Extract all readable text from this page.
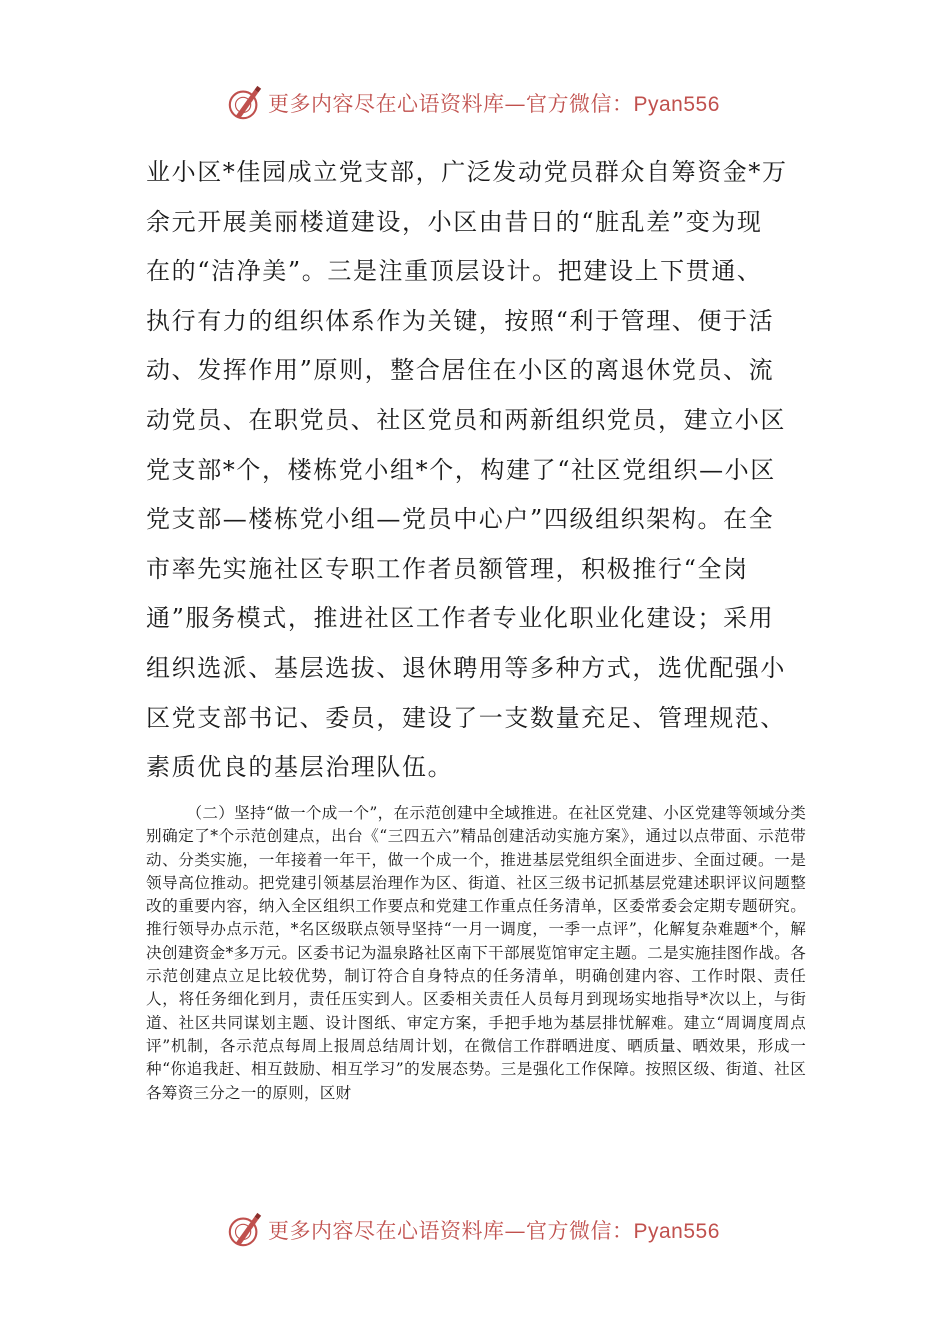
更多内容尽在心语资料库—官方微信：Pyan556

业小区*佳园成立党支部，广泛发动党员群众自筹资金*万

余元开展美丽楼道建设，小区由昔日的“脏乱差”变为现

在的“洁净美”。三是注重顶层设计。把建设上下贯通、

执行有力的组织体系作为关键，按照“利于管理、便于活

动、发挥作用”原则，整合居住在小区的离退休党员、流

动党员、在职党员、社区党员和两新组织党员，建立小区

党支部*个，楼栋党小组*个，构建了“社区党组织—小区

党支部—楼栋党小组—党员中心户”四级组织架构。在全

市率先实施社区专职工作者员额管理，积极推行“全岗

通”服务模式，推进社区工作者专业化职业化建设；采用

组织选派、基层选拔、退休聘用等多种方式，选优配强小

区党支部书记、委员，建设了一支数量充足、管理规范、

素质优良的基层治理队伍。

（二）坚持“做一个成一个”，在示范创建中全域推进。在社区党建、小区党建等领域分类别确定了*个示范创建点，出台《“三四五六”精品创建活动实施方案》，通过以点带面、示范带动、分类实施，一年接着一年干，做一个成一个，推进基层党组织全面进步、全面过硬。一是领导高位推动。把党建引领基层治理作为区、街道、社区三级书记抓基层党建述职评议问题整改的重要内容，纳入全区组织工作要点和党建工作重点任务清单，区委常委会定期专题研究。推行领导办点示范，*名区级联点领导坚持“一月一调度，一季一点评”，化解复杂难题*个，解决创建资金*多万元。区委书记为温泉路社区南下干部展览馆审定主题。二是实施挂图作战。各示范创建点立足比较优势，制订符合自身特点的任务清单，明确创建内容、工作时限、责任人，将任务细化到月，责任压实到人。区委相关责任人员每月到现场实地指导*次以上，与街道、社区共同谋划主题、设计图纸、审定方案，手把手地为基层排忧解难。建立“周调度周点评”机制，各示范点每周上报周总结周计划，在微信工作群晒进度、晒质量、晒效果，形成一种“你追我赶、相互鼓励、相互学习”的发展态势。三是强化工作保障。按照区级、街道、社区各筹资三分之一的原则，区财

更多内容尽在心语资料库—官方微信：Pyan556
